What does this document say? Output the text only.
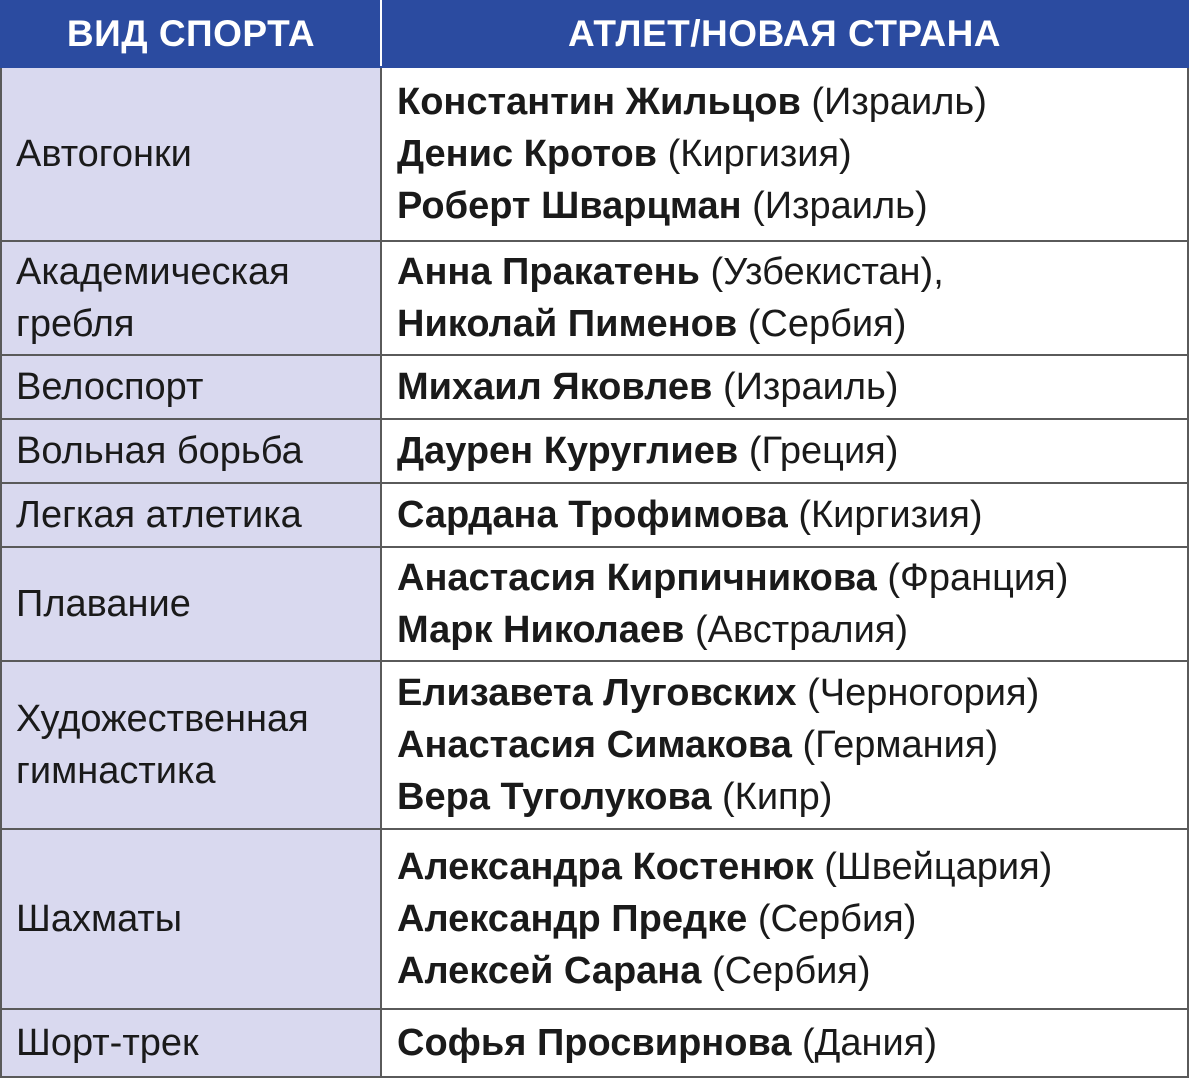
ВИД СПОРТА	АТЛЕТ/НОВАЯ СТРАНА
Автогонки	Константин Жильцов (Израиль)
Денис Кротов (Киргизия)
Роберт Шварцман (Израиль)

Академическая гребля	Анна Пракатень (Узбекистан),
Николай Пименов (Сербия)

Велоспорт	Михаил Яковлев (Израиль)

Вольная борьба	Даурен Куруглиев (Греция)

Легкая атлетика	Сардана Трофимова (Киргизия)

Плавание	Анастасия Кирпичникова (Франция)
Марк Николаев (Австралия)

Художественная гимнастика	Елизавета Луговских (Черногория)
Анастасия Симакова (Германия)
Вера Туголукова (Кипр)

Шахматы	Александра Костенюк (Швейцария)
Александр Предке (Сербия)
Алексей Сарана (Сербия)

Шорт-трек	Софья Просвирнова (Дания)
